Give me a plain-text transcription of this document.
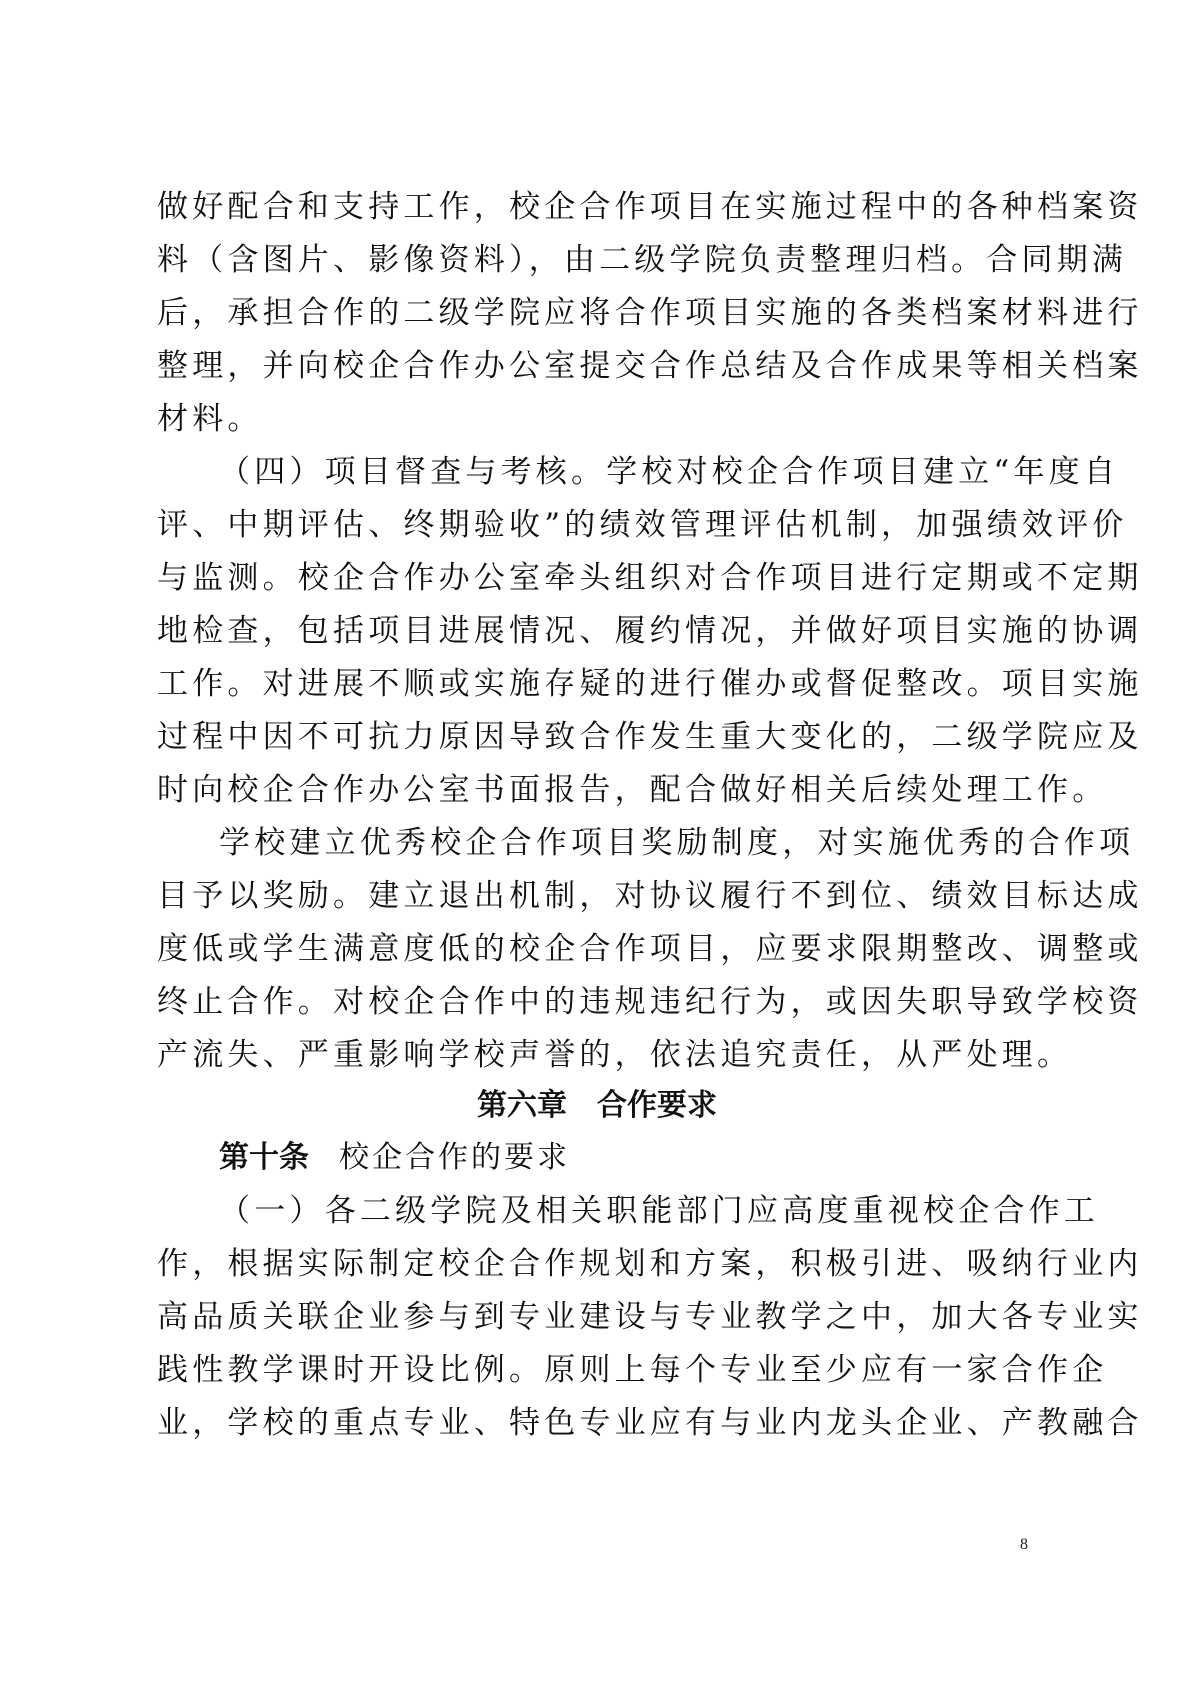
做好配合和支持工作，校企合作项目在实施过程中的各种档案资
料（含图片、影像资料），由二级学院负责整理归档。合同期满
后，承担合作的二级学院应将合作项目实施的各类档案材料进行
整理，并向校企合作办公室提交合作总结及合作成果等相关档案
材料。
（四）项目督查与考核。学校对校企合作项目建立“年度自
评、中期评估、终期验收”的绩效管理评估机制，加强绩效评价
与监测。校企合作办公室牵头组织对合作项目进行定期或不定期
地检查，包括项目进展情况、履约情况，并做好项目实施的协调
工作。对进展不顺或实施存疑的进行催办或督促整改。项目实施
过程中因不可抗力原因导致合作发生重大变化的，二级学院应及
时向校企合作办公室书面报告，配合做好相关后续处理工作。
学校建立优秀校企合作项目奖励制度，对实施优秀的合作项
目予以奖励。建立退出机制，对协议履行不到位、绩效目标达成
度低或学生满意度低的校企合作项目，应要求限期整改、调整或
终止合作。对校企合作中的违规违纪行为，或因失职导致学校资
产流失、严重影响学校声誉的，依法追究责任，从严处理。
第六章　合作要求
第十条 校企合作的要求
（一）各二级学院及相关职能部门应高度重视校企合作工
作，根据实际制定校企合作规划和方案，积极引进、吸纳行业内
高品质关联企业参与到专业建设与专业教学之中，加大各专业实
践性教学课时开设比例。原则上每个专业至少应有一家合作企
业，学校的重点专业、特色专业应有与业内龙头企业、产教融合
8
